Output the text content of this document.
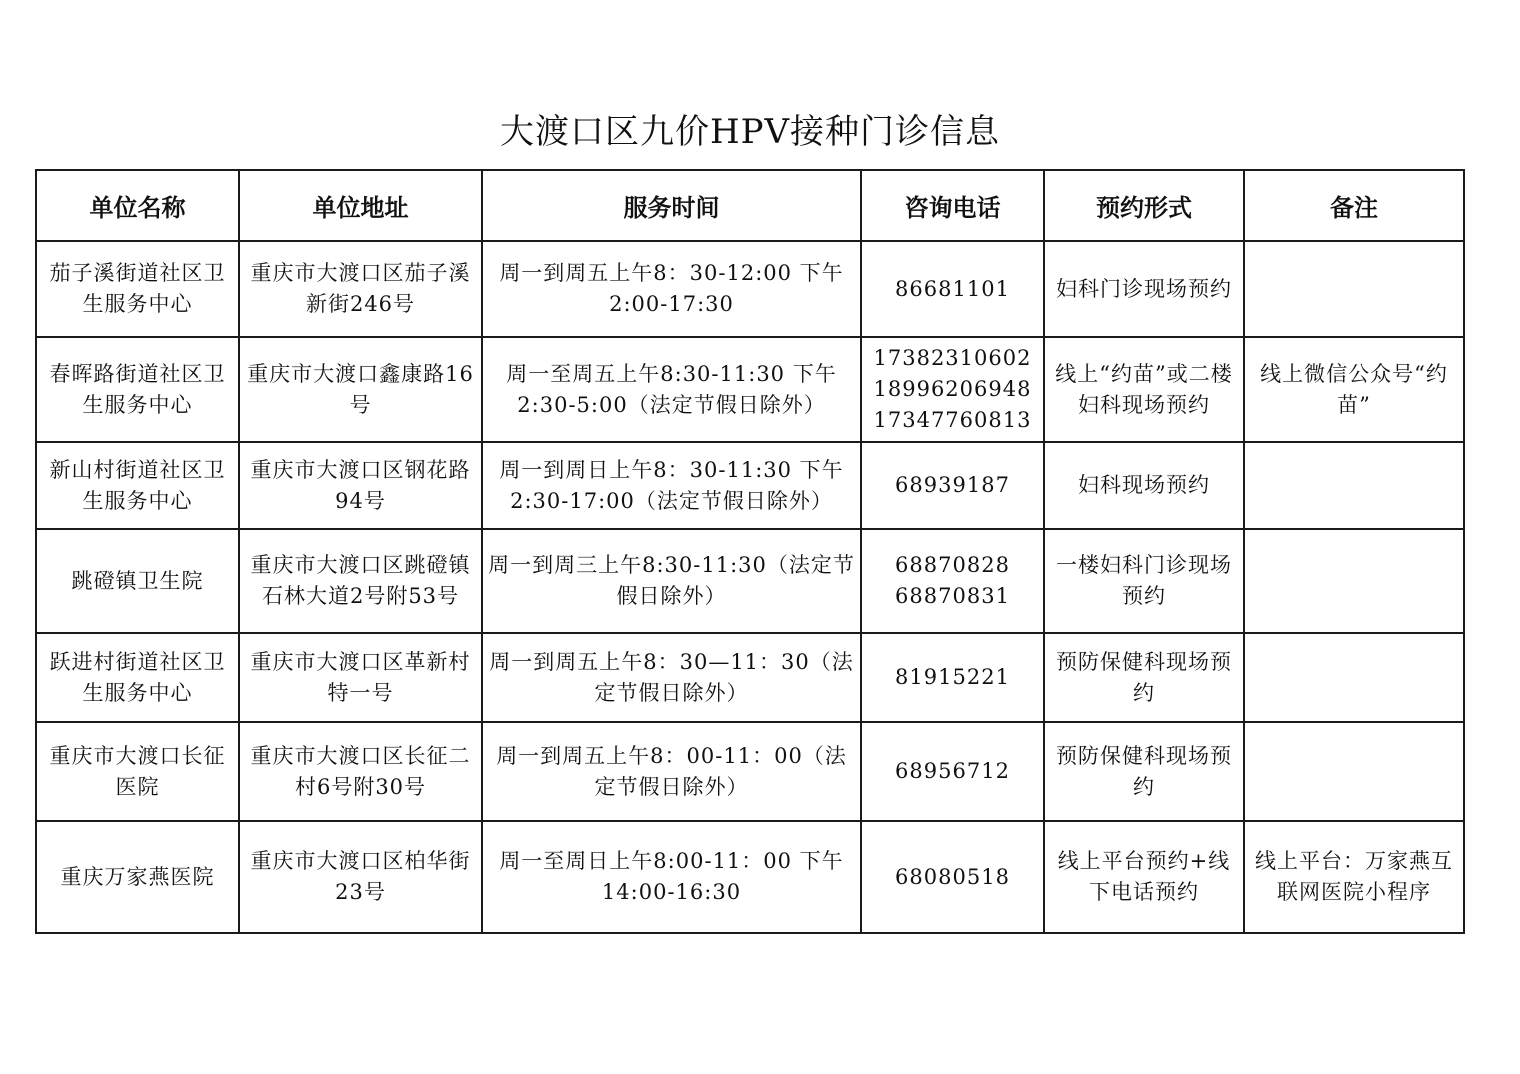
大渡口区九价HPV接种门诊信息
单位名称	单位地址	服务时间	咨询电话	预约形式	备注
茄子溪街道社区卫生服务中心	重庆市大渡口区茄子溪新街246号	周一到周五上午8：30-12:00 下午2:00-17:30	86681101	妇科门诊现场预约	
春晖路街道社区卫生服务中心	重庆市大渡口鑫康路16号	周一至周五上午8:30-11:30 下午2:30-5:00（法定节假日除外）	17382310602 18996206948 17347760813	线上“约苗”或二楼妇科现场预约	线上微信公众号“约苗”
新山村街道社区卫生服务中心	重庆市大渡口区钢花路94号	周一到周日上午8：30-11:30 下午2:30-17:00（法定节假日除外）	68939187	妇科现场预约	
跳磴镇卫生院	重庆市大渡口区跳磴镇石林大道2号附53号	周一到周三上午8:30-11:30（法定节假日除外）	68870828 68870831	一楼妇科门诊现场预约	
跃进村街道社区卫生服务中心	重庆市大渡口区革新村特一号	周一到周五上午8：30—11：30（法定节假日除外）	81915221	预防保健科现场预约	
重庆市大渡口长征医院	重庆市大渡口区长征二村6号附30号	周一到周五上午8：00-11：00（法定节假日除外）	68956712	预防保健科现场预约	
重庆万家燕医院	重庆市大渡口区柏华街23号	周一至周日上午8:00-11：00 下午14:00-16:30	68080518	线上平台预约+线下电话预约	线上平台：万家燕互联网医院小程序
